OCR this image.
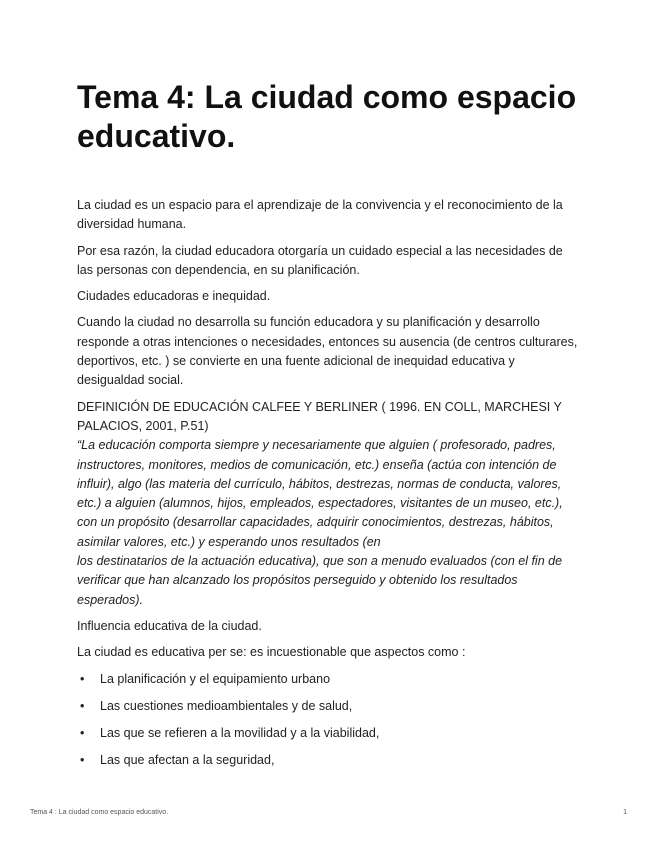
Tema 4: La ciudad como espacio educativo.

La ciudad es un espacio para el aprendizaje de la convivencia y el reconocimiento de la diversidad humana.

Por esa razón, la ciudad educadora otorgaría un cuidado especial a las necesidades de las personas con dependencia, en su planificación.

Ciudades educadoras e inequidad.

Cuando la ciudad no desarrolla su función educadora y su planificación y desarrollo responde a otras intenciones o necesidades, entonces su ausencia (de centros culturares, deportivos, etc. ) se convierte en una fuente adicional de inequidad educativa y desigualdad social.

DEFINICIÓN DE EDUCACIÓN CALFEE Y BERLINER ( 1996. EN COLL, MARCHESI Y PALACIOS, 2001, P.51)

“La educación comporta siempre y necesariamente que alguien ( profesorado, padres, instructores, monitores, medios de comunicación, etc.) enseña (actúa con intención de influir), algo (las materia del currículo, hábitos, destrezas, normas de conducta, valores, etc.) a alguien (alumnos, hijos, empleados, espectadores, visitantes de un museo, etc.), con un propósito (desarrollar capacidades, adquirir conocimientos, destrezas, hábitos, asimilar valores, etc.) y esperando unos resultados (en

los destinatarios de la actuación educativa), que son a menudo evaluados (con el fin de verificar que han alcanzado los propósitos perseguido y obtenido los resultados esperados).

Influencia educativa de la ciudad.

La ciudad es educativa per se: es incuestionable que aspectos como :

• La planificación y el equipamiento urbano
• Las cuestiones medioambientales y de salud,
• Las que se refieren a la movilidad y a la viabilidad,
• Las que afectan a la seguridad,
Tema 4 : La ciudad como espacio educativo.	1
